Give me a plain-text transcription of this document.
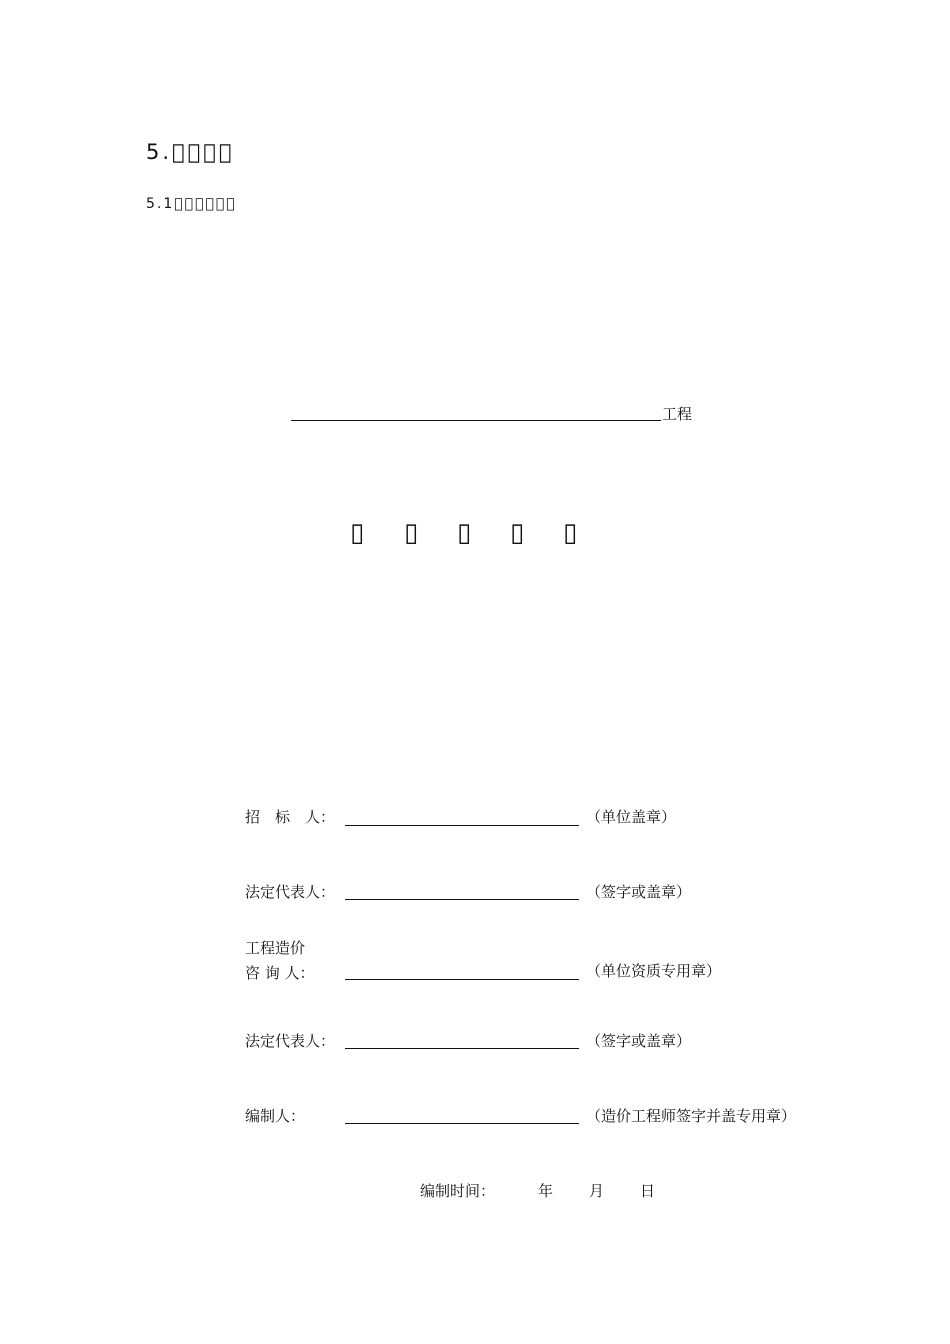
5.􀀀􀀀􀀀􀀀
5.1􀀀􀀀􀀀􀀀􀀀􀀀
工程
▯ ▯ ▯ ▯ ▯
招　标　人：	（单位盖章）
法定代表人：	（签字或盖章）
工程造价
咨 询 人：	（单位资质专用章）
法定代表人：	（签字或盖章）
编制人：	（造价工程师签字并盖专用章）
编制时间：	年 月 日
